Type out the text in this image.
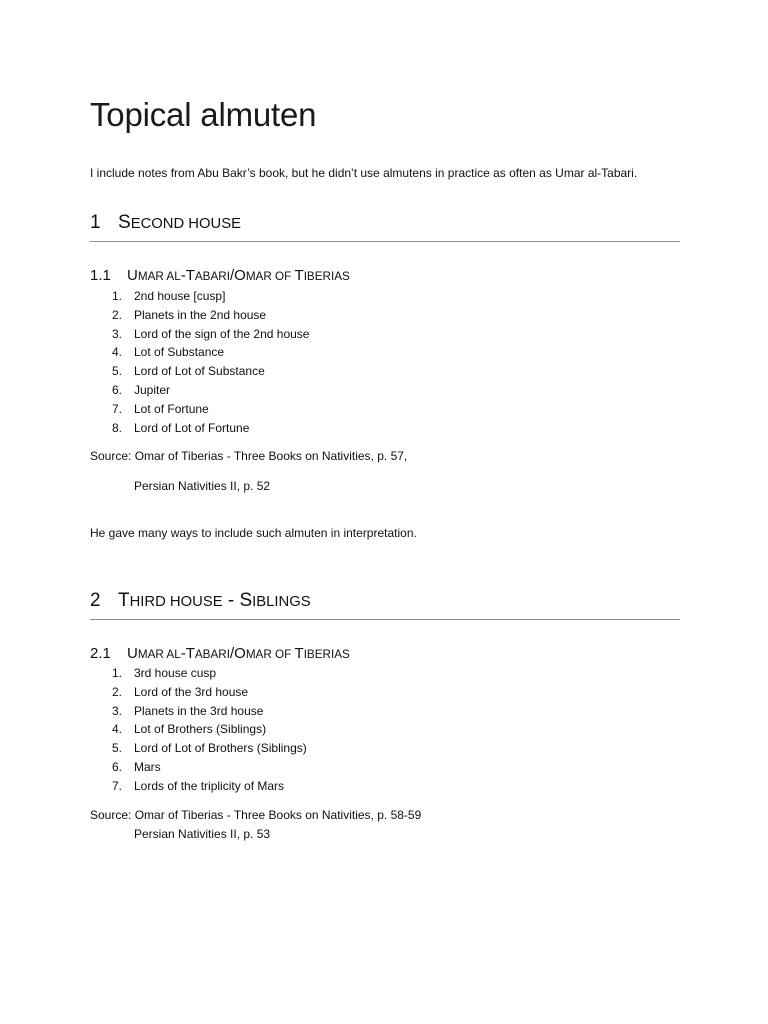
Topical almuten

I include notes from Abu Bakr’s book, but he didn’t use almutens in practice as often as Umar al-Tabari.

1 SECOND HOUSE
1.1 UMAR AL-TABARI/OMAR OF TIBERIAS
1. 2nd house [cusp]
2. Planets in the 2nd house
3. Lord of the sign of the 2nd house
4. Lot of Substance
5. Lord of Lot of Substance
6. Jupiter
7. Lot of Fortune
8. Lord of Lot of Fortune

Source: Omar of Tiberias - Three Books on Nativities, p. 57,

Persian Nativities II, p. 52

He gave many ways to include such almuten in interpretation.

2 THIRD HOUSE - SIBLINGS
2.1 UMAR AL-TABARI/OMAR OF TIBERIAS
1. 3rd house cusp
2. Lord of the 3rd house
3. Planets in the 3rd house
4. Lot of Brothers (Siblings)
5. Lord of Lot of Brothers (Siblings)
6. Mars
7. Lords of the triplicity of Mars

Source: Omar of Tiberias - Three Books on Nativities, p. 58-59

Persian Nativities II, p. 53
